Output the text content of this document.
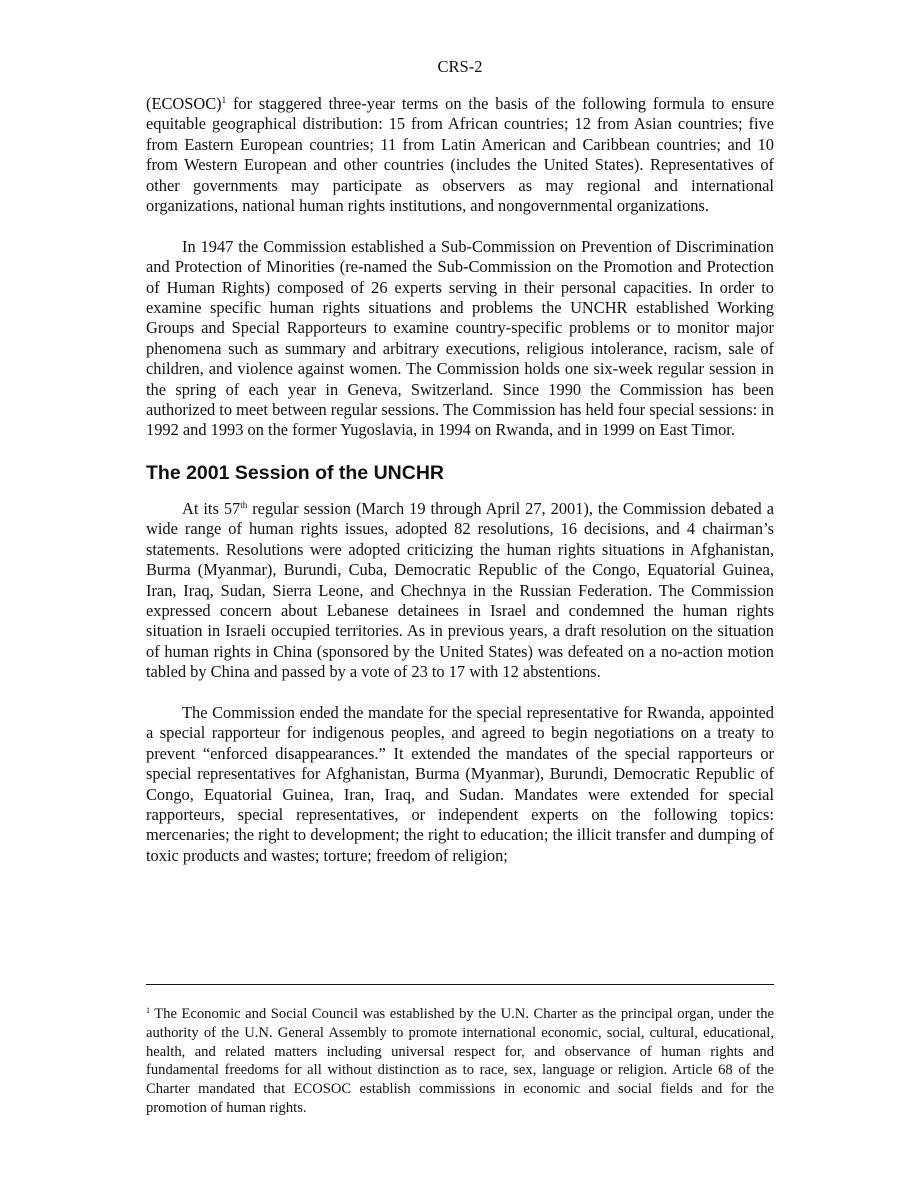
CRS-2

(ECOSOC)$^1$ for staggered three-year terms on the basis of the following formula to ensure equitable geographical distribution: 15 from African countries; 12 from Asian countries; five from Eastern European countries; 11 from Latin American and Caribbean countries; and 10 from Western European and other countries (includes the United States). Representatives of other governments may participate as observers as may regional and international organizations, national human rights institutions, and nongovernmental organizations.

In 1947 the Commission established a Sub-Commission on Prevention of Discrimination and Protection of Minorities (re-named the Sub-Commission on the Promotion and Protection of Human Rights) composed of 26 experts serving in their personal capacities. In order to examine specific human rights situations and problems the UNCHR established Working Groups and Special Rapporteurs to examine country-specific problems or to monitor major phenomena such as summary and arbitrary executions, religious intolerance, racism, sale of children, and violence against women. The Commission holds one six-week regular session in the spring of each year in Geneva, Switzerland. Since 1990 the Commission has been authorized to meet between regular sessions. The Commission has held four special sessions: in 1992 and 1993 on the former Yugoslavia, in 1994 on Rwanda, and in 1999 on East Timor.

The 2001 Session of the UNCHR

At its 57th regular session (March 19 through April 27, 2001), the Commission debated a wide range of human rights issues, adopted 82 resolutions, 16 decisions, and 4 chairman’s statements. Resolutions were adopted criticizing the human rights situations in Afghanistan, Burma (Myanmar), Burundi, Cuba, Democratic Republic of the Congo, Equatorial Guinea, Iran, Iraq, Sudan, Sierra Leone, and Chechnya in the Russian Federation. The Commission expressed concern about Lebanese detainees in Israel and condemned the human rights situation in Israeli occupied territories. As in previous years, a draft resolution on the situation of human rights in China (sponsored by the United States) was defeated on a no-action motion tabled by China and passed by a vote of 23 to 17 with 12 abstentions.

The Commission ended the mandate for the special representative for Rwanda, appointed a special rapporteur for indigenous peoples, and agreed to begin negotiations on a treaty to prevent “enforced disappearances.” It extended the mandates of the special rapporteurs or special representatives for Afghanistan, Burma (Myanmar), Burundi, Democratic Republic of Congo, Equatorial Guinea, Iran, Iraq, and Sudan. Mandates were extended for special rapporteurs, special representatives, or independent experts on the following topics: mercenaries; the right to development; the right to education; the illicit transfer and dumping of toxic products and wastes; torture; freedom of religion;

$^1$ The Economic and Social Council was established by the U.N. Charter as the principal organ, under the authority of the U.N. General Assembly to promote international economic, social, cultural, educational, health, and related matters including universal respect for, and observance of human rights and fundamental freedoms for all without distinction as to race, sex, language or religion. Article 68 of the Charter mandated that ECOSOC establish commissions in economic and social fields and for the promotion of human rights.
